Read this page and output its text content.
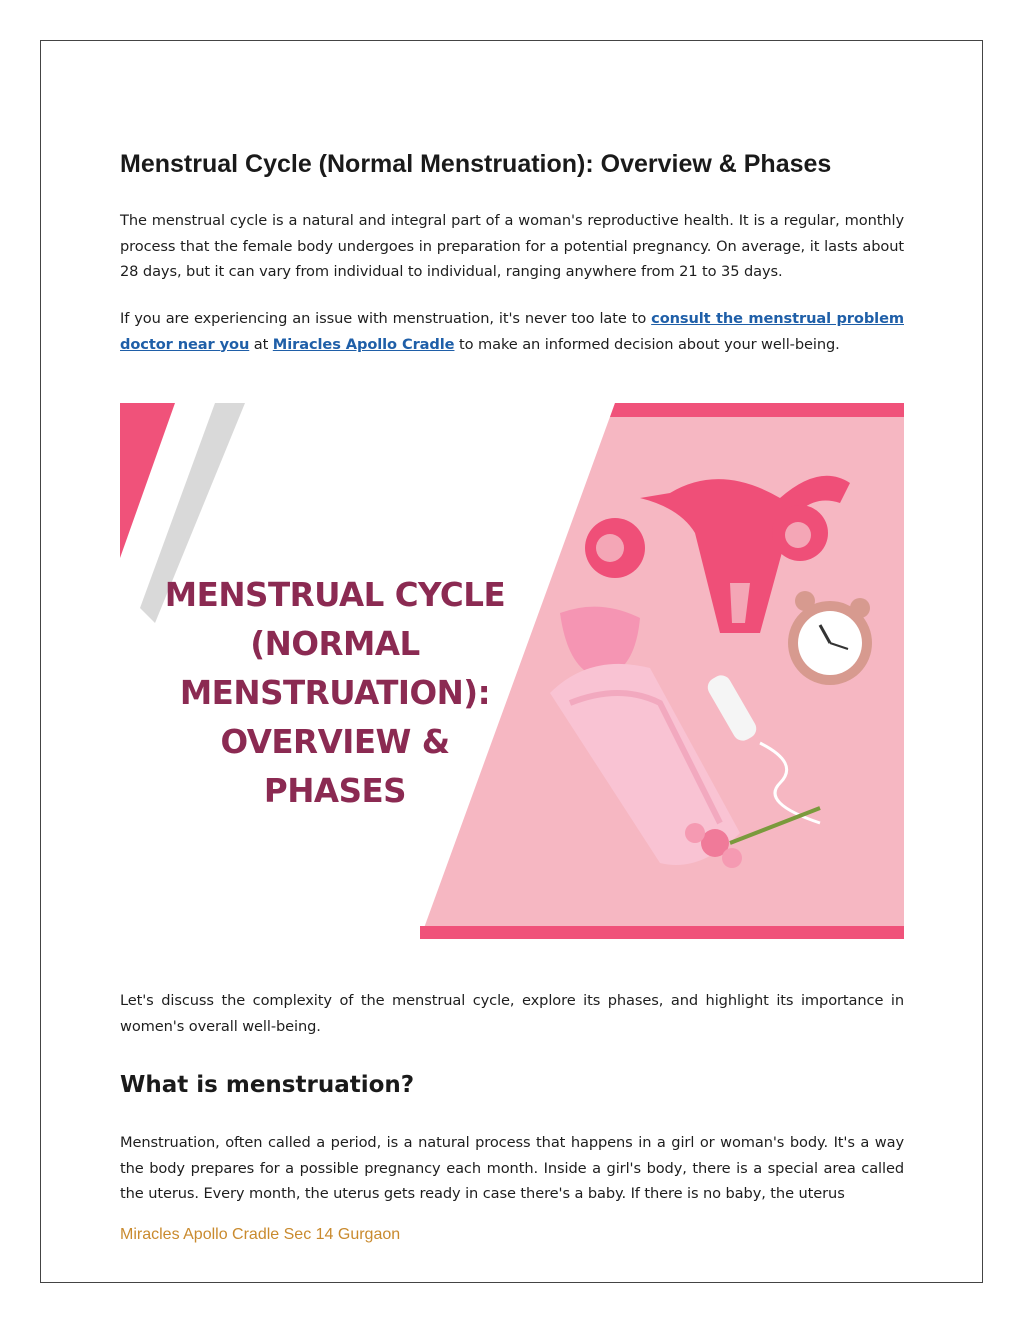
Menstrual Cycle (Normal Menstruation): Overview & Phases

The menstrual cycle is a natural and integral part of a woman's reproductive health. It is a regular, monthly process that the female body undergoes in preparation for a potential pregnancy. On average, it lasts about 28 days, but it can vary from individual to individual, ranging anywhere from 21 to 35 days.

If you are experiencing an issue with menstruation, it's never too late to consult the menstrual problem doctor near you at Miracles Apollo Cradle to make an informed decision about your well-being.

MENSTRUAL CYCLE
(NORMAL
MENSTRUATION):
OVERVIEW &
PHASES

Let's discuss the complexity of the menstrual cycle, explore its phases, and highlight its importance in women's overall well-being.

What is menstruation?

Menstruation, often called a period, is a natural process that happens in a girl or woman's body. It's a way the body prepares for a possible pregnancy each month. Inside a girl's body, there is a special area called the uterus. Every month, the uterus gets ready in case there's a baby. If there is no baby, the uterus

Miracles Apollo Cradle Sec 14 Gurgaon
